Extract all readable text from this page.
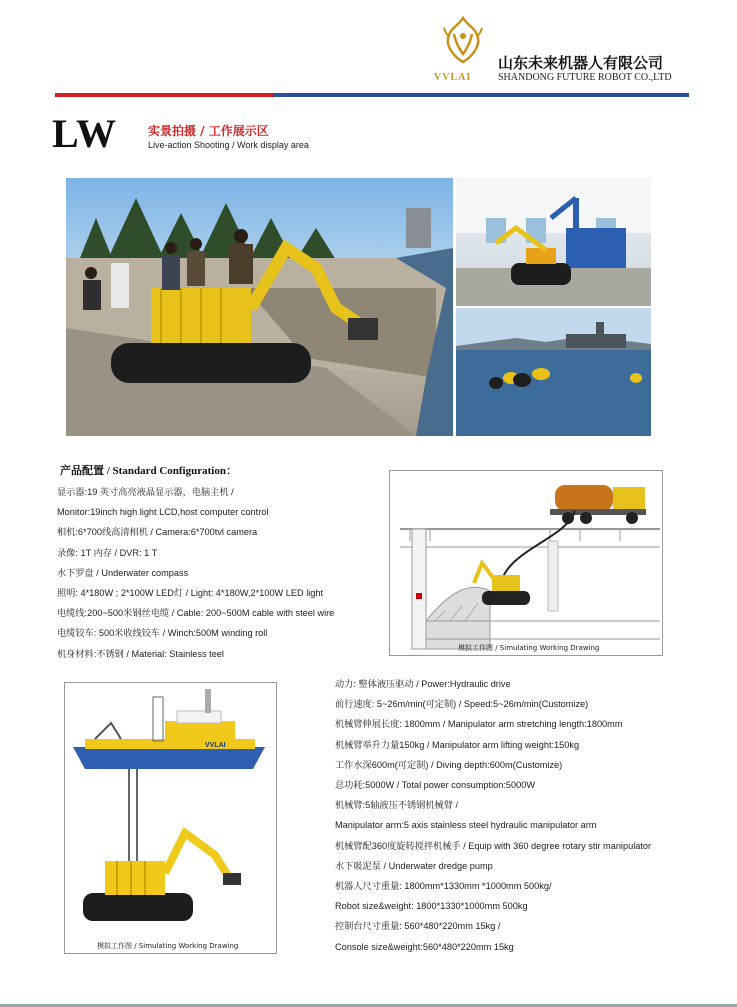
VVLAI
山东未来机器人有限公司
SHANDONG FUTURE ROBOT CO.,LTD
LW	实景拍摄 / 工作展示区
Live-action Shooting / Work display area
产品配置 / Standard Configuration：
显示器:19 英寸高亮液晶显示器，电脑主机 /
Monitor:19inch high light LCD,host computer control
相机:6*700线高清相机 / Camera:6*700tvl camera
录像: 1T 内存 / DVR: 1 T
水下罗盘 / Underwater compass
照明: 4*180W ; 2*100W LED灯 / Light: 4*180W,2*100W LED light
电缆线:200~500米钢丝电缆 / Cable: 200~500M cable with steel wire
电缆铰车: 500米收线铰车 / Winch:500M winding roll
机身材料:不锈钢 / Material: Stainless teel
模拟工作图 / Simulating Working Drawing
VVLAI
模拟工作图 / Simulating Working Drawing
动力: 整体液压驱动 / Power:Hydraulic drive
前行速度: 5~26m/min(可定制) / Speed:5~26m/min(Customize)
机械臂伸展长度: 1800mm / Manipulator arm stretching length:1800mm
机械臂举升力量150kg / Manipulator arm lifting weight:150kg
工作水深600m(可定制) / Diving depth:600m(Customize)
总功耗:5000W / Total power consumption:5000W
机械臂:5轴液压不锈钢机械臂 /
Manipulator arm:5 axis stainless steel hydraulic manipulator arm
机械臂配360度旋转搅拌机械手 / Equip with 360 degree rotary stir manipulator
水下吸泥泵 / Underwater dredge pump
机器人尺寸重量: 1800mm*1330mm *1000mm 500kg/
Robot size&weight: 1800*1330*1000mm 500kg
控制台尺寸重量: 560*480*220mm 15kg /
Console size&weight:560*480*220mm 15kg
